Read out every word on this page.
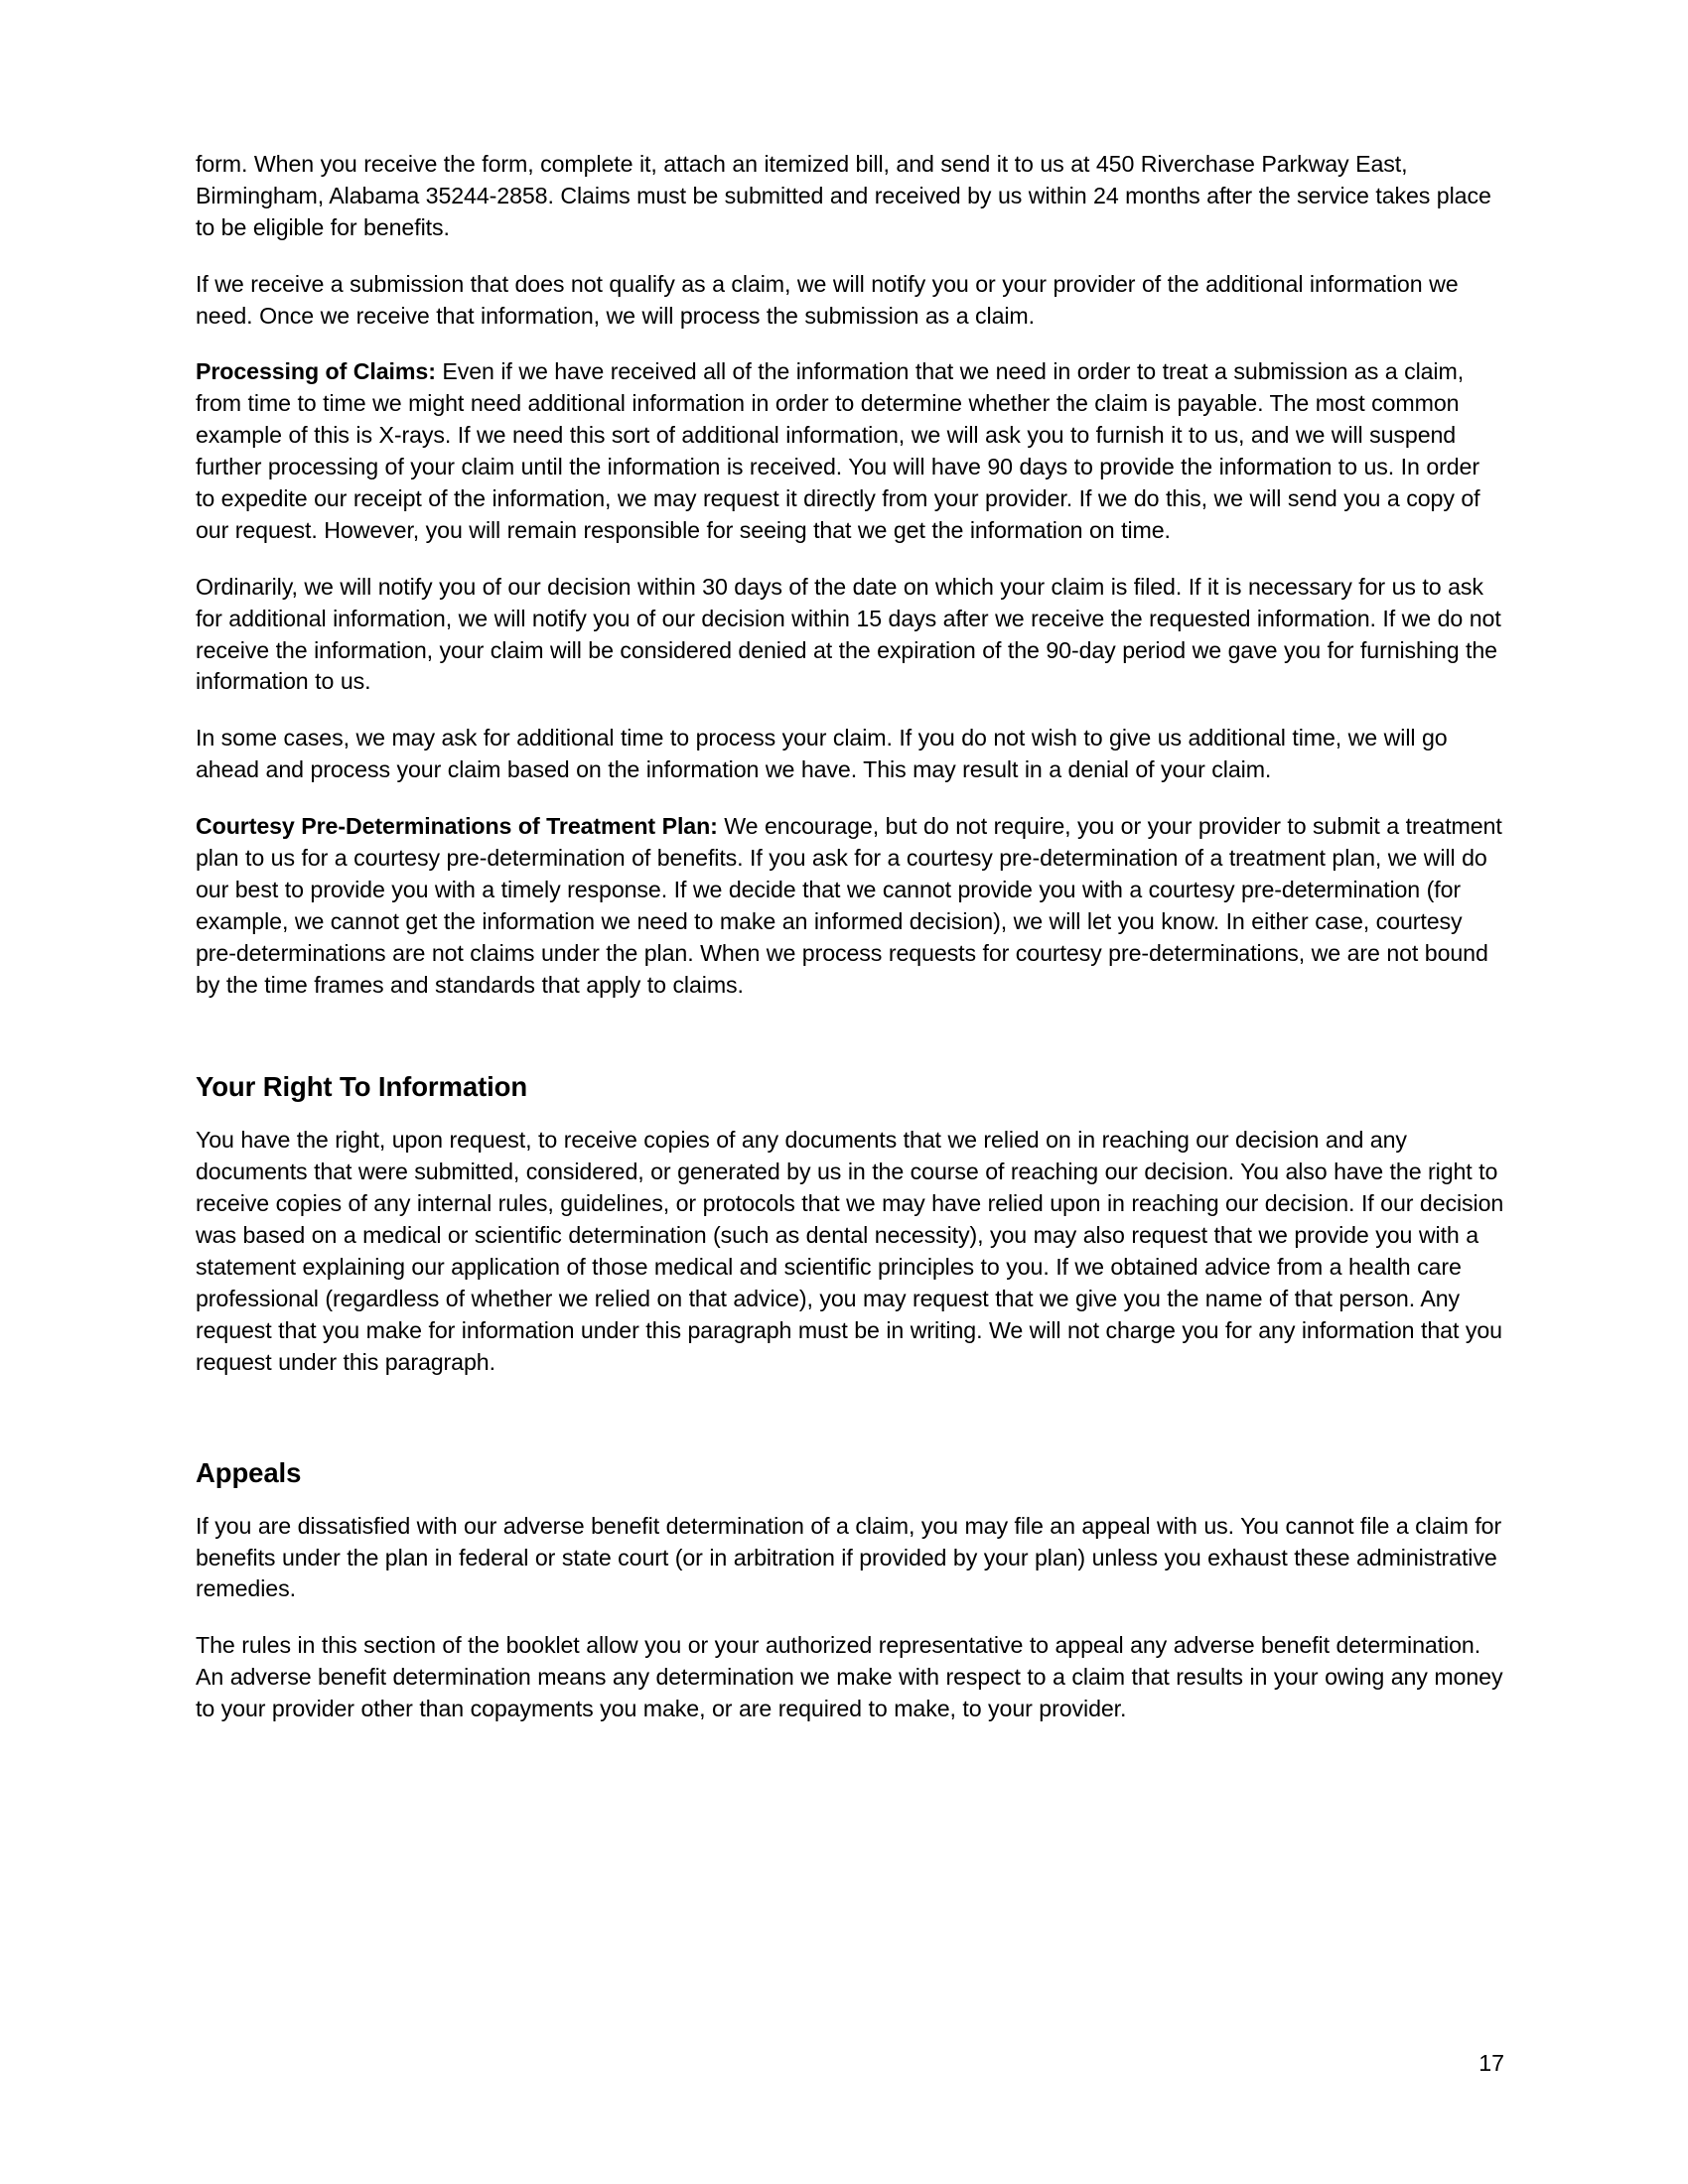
form. When you receive the form, complete it, attach an itemized bill, and send it to us at 450 Riverchase Parkway East, Birmingham, Alabama 35244-2858. Claims must be submitted and received by us within 24 months after the service takes place to be eligible for benefits.

If we receive a submission that does not qualify as a claim, we will notify you or your provider of the additional information we need. Once we receive that information, we will process the submission as a claim.

Processing of Claims: Even if we have received all of the information that we need in order to treat a submission as a claim, from time to time we might need additional information in order to determine whether the claim is payable. The most common example of this is X-rays. If we need this sort of additional information, we will ask you to furnish it to us, and we will suspend further processing of your claim until the information is received. You will have 90 days to provide the information to us. In order to expedite our receipt of the information, we may request it directly from your provider. If we do this, we will send you a copy of our request. However, you will remain responsible for seeing that we get the information on time.

Ordinarily, we will notify you of our decision within 30 days of the date on which your claim is filed. If it is necessary for us to ask for additional information, we will notify you of our decision within 15 days after we receive the requested information. If we do not receive the information, your claim will be considered denied at the expiration of the 90-day period we gave you for furnishing the information to us.

In some cases, we may ask for additional time to process your claim. If you do not wish to give us additional time, we will go ahead and process your claim based on the information we have. This may result in a denial of your claim.

Courtesy Pre-Determinations of Treatment Plan: We encourage, but do not require, you or your provider to submit a treatment plan to us for a courtesy pre-determination of benefits. If you ask for a courtesy pre-determination of a treatment plan, we will do our best to provide you with a timely response. If we decide that we cannot provide you with a courtesy pre-determination (for example, we cannot get the information we need to make an informed decision), we will let you know. In either case, courtesy pre-determinations are not claims under the plan. When we process requests for courtesy pre-determinations, we are not bound by the time frames and standards that apply to claims.

Your Right To Information

You have the right, upon request, to receive copies of any documents that we relied on in reaching our decision and any documents that were submitted, considered, or generated by us in the course of reaching our decision. You also have the right to receive copies of any internal rules, guidelines, or protocols that we may have relied upon in reaching our decision. If our decision was based on a medical or scientific determination (such as dental necessity), you may also request that we provide you with a statement explaining our application of those medical and scientific principles to you. If we obtained advice from a health care professional (regardless of whether we relied on that advice), you may request that we give you the name of that person. Any request that you make for information under this paragraph must be in writing. We will not charge you for any information that you request under this paragraph.

Appeals

If you are dissatisfied with our adverse benefit determination of a claim, you may file an appeal with us. You cannot file a claim for benefits under the plan in federal or state court (or in arbitration if provided by your plan) unless you exhaust these administrative remedies.

The rules in this section of the booklet allow you or your authorized representative to appeal any adverse benefit determination. An adverse benefit determination means any determination we make with respect to a claim that results in your owing any money to your provider other than copayments you make, or are required to make, to your provider.

17
